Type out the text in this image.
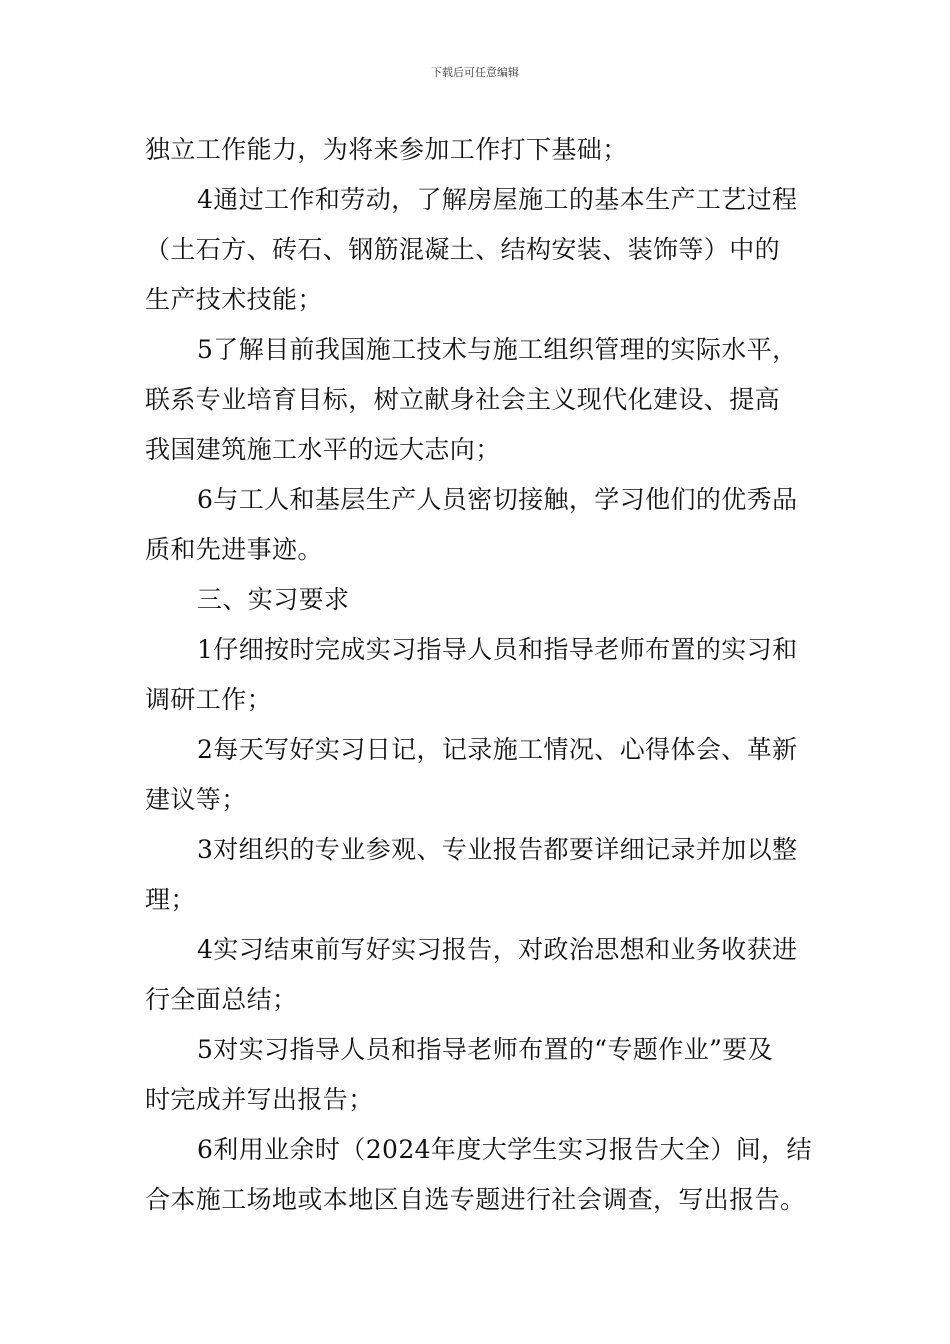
下载后可任意编辑
独立工作能力，为将来参加工作打下基础；
4通过工作和劳动，了解房屋施工的基本生产工艺过程
（土石方、砖石、钢筋混凝土、结构安装、装饰等）中的
生产技术技能；
5了解目前我国施工技术与施工组织管理的实际水平，
联系专业培育目标，树立献身社会主义现代化建设、提高
我国建筑施工水平的远大志向；
6与工人和基层生产人员密切接触，学习他们的优秀品
质和先进事迹。
三、实习要求
1仔细按时完成实习指导人员和指导老师布置的实习和
调研工作；
2每天写好实习日记，记录施工情况、心得体会、革新
建议等；
3对组织的专业参观、专业报告都要详细记录并加以整
理；
4实习结束前写好实习报告，对政治思想和业务收获进
行全面总结；
5对实习指导人员和指导老师布置的“专题作业”要及
时完成并写出报告；
6利用业余时（2024年度大学生实习报告大全）间，结
合本施工场地或本地区自选专题进行社会调查，写出报告。
